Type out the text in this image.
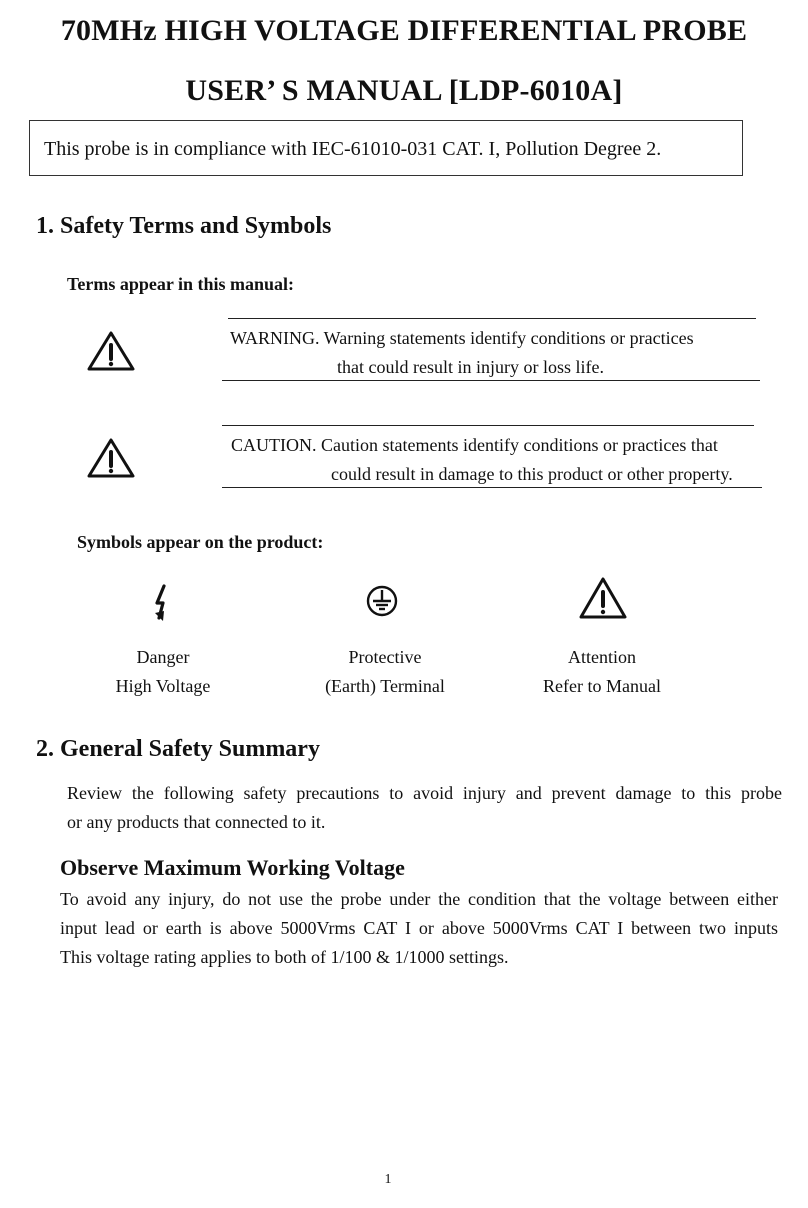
70MHz HIGH VOLTAGE DIFFERENTIAL PROBE
USER’ S MANUAL [LDP-6010A]
This probe is in compliance with IEC-61010-031 CAT. I, Pollution Degree 2.
1. Safety Terms and Symbols
Terms appear in this manual:
WARNING. Warning statements identify conditions or practices
that could result in injury or loss life.
CAUTION. Caution statements identify conditions or practices that
could result in damage to this product or other property.
Symbols appear on the product:
Danger
High Voltage
Protective
(Earth) Terminal
Attention
Refer to Manual
2. General Safety Summary
Review the following safety precautions to avoid injury and prevent damage to this probe
or any products that connected to it.
Observe Maximum Working Voltage
To avoid any injury, do not use the probe under the condition that the voltage between either
input lead or earth is above 5000Vrms CAT I or above 5000Vrms CAT I between two inputs
This voltage rating applies to both of 1/100 & 1/1000 settings.
1
